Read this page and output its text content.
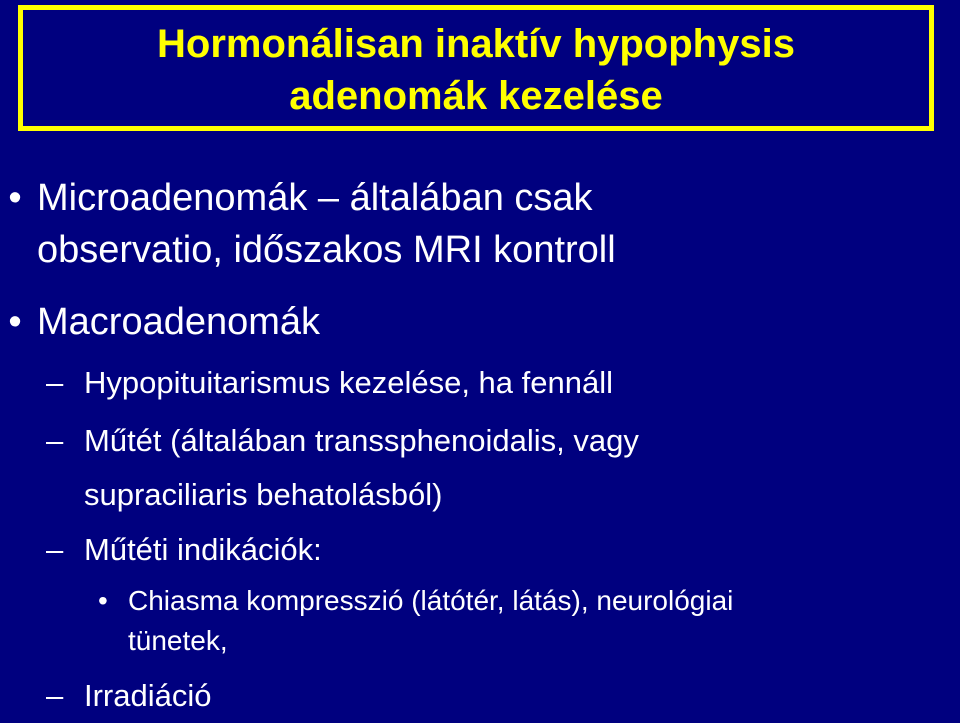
Hormonálisan inaktív hypophysis
adenomák kezelése
• Microadenomák – általában csak
observatio, időszakos MRI kontroll
• Macroadenomák
– Hypopituitarismus kezelése, ha fennáll
– Műtét (általában transsphenoidalis, vagy
supraciliaris behatolásból)
– Műtéti indikációk:
• Chiasma kompresszió (látótér, látás), neurológiai
tünetek,
– Irradiáció
